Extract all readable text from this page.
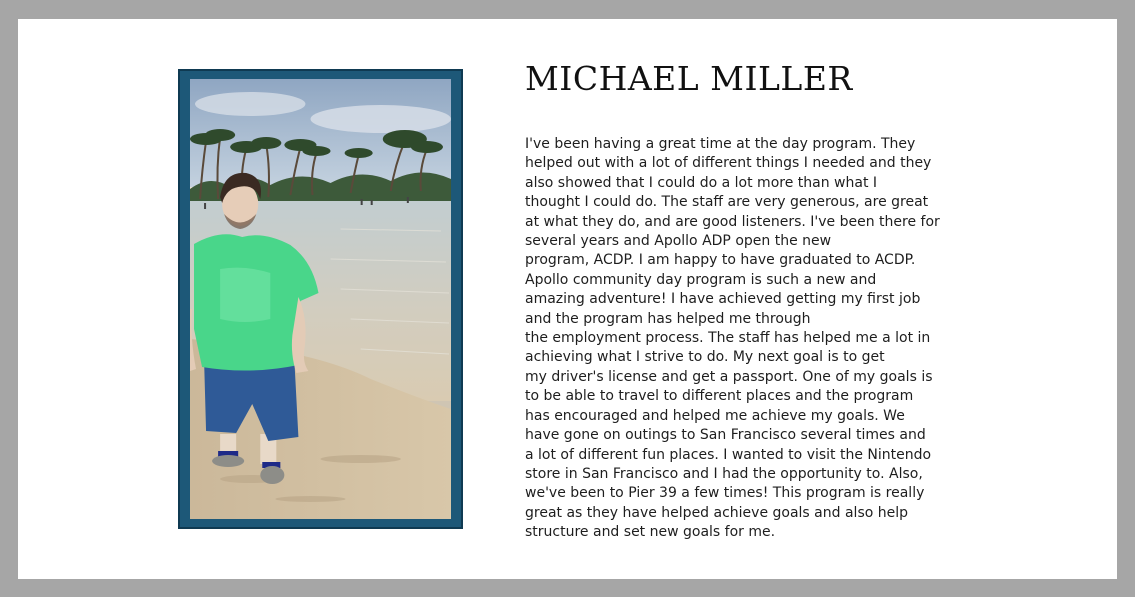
MICHAEL MILLER

I've been having a great time at the day program. They
helped out with a lot of different things I needed and they
also showed that I could do a lot more than what I
thought I could do. The staff are very generous, are great
at what they do, and are good listeners. I've been there for
several years and Apollo ADP open the new
program, ACDP. I am happy to have graduated to ACDP.
Apollo community day program is such a new and
amazing adventure! I have achieved getting my first job
and the program has helped me through
the employment process. The staff has helped me a lot in
achieving what I strive to do. My next goal is to get
my driver's license and get a passport. One of my goals is
to be able to travel to different places and the program
has encouraged and helped me achieve my goals. We
have gone on outings to San Francisco several times and
a lot of different fun places. I wanted to visit the Nintendo
store in San Francisco and I had the opportunity to. Also,
we've been to Pier 39 a few times! This program is really
great as they have helped achieve goals and also help
structure and set new goals for me.
